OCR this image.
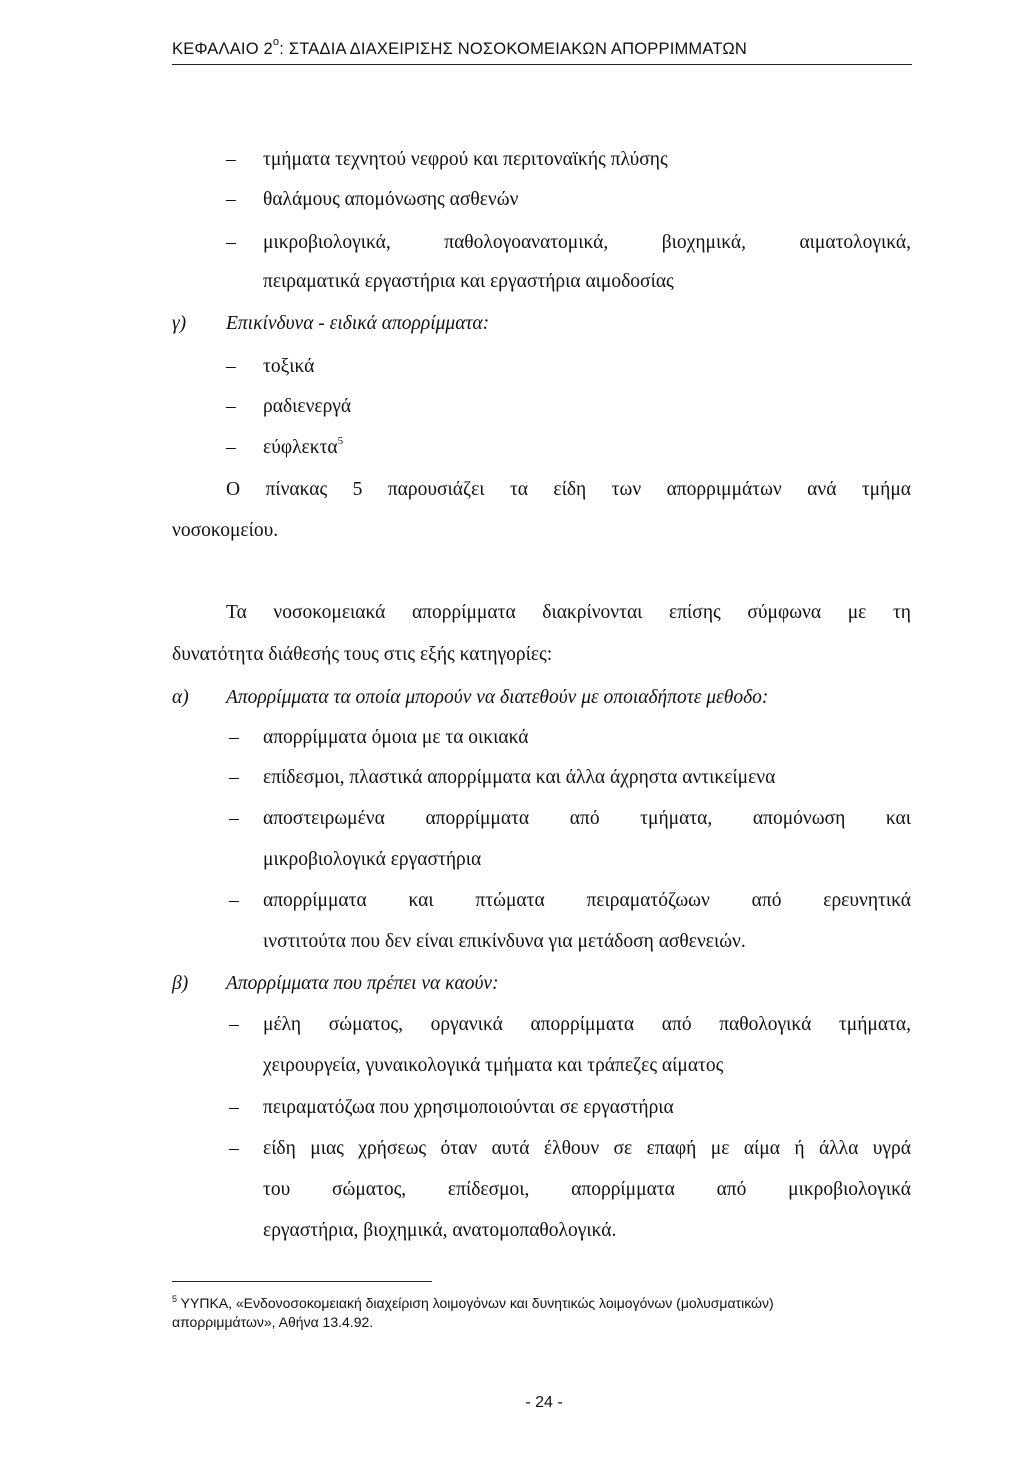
ΚΕΦΑΛΑΙΟ $2^o$: ΣΤΑΔΙΑ ΔΙΑΧΕΙΡΙΣΗΣ ΝΟΣΟΚΟΜΕΙΑΚΩΝ ΑΠΟΡΡΙΜΜΑΤΩΝ
– τμήματα τεχνητού νεφρού και περιτοναϊκής πλύσης
– θαλάμους απομόνωσης ασθενών
– μικροβιολογικά, παθολογοανατομικά, βιοχημικά, αιματολογικά,
πειραματικά εργαστήρια και εργαστήρια αιμοδοσίας
γ) Επικίνδυνα - ειδικά απορρίμματα:
– τοξικά
– ραδιενεργά
– εύφλεκτα$^5$
Ο πίνακας 5 παρουσιάζει τα είδη των απορριμμάτων ανά τμήμα
νοσοκομείου.
Τα νοσοκομειακά απορρίμματα διακρίνονται επίσης σύμφωνα με τη
δυνατότητα διάθεσής τους στις εξής κατηγορίες:
α) Απορρίμματα τα οποία μπορούν να διατεθούν με οποιαδήποτε μεθοδο:
– απορρίμματα όμοια με τα οικιακά
– επίδεσμοι, πλαστικά απορρίμματα και άλλα άχρηστα αντικείμενα
– αποστειρωμένα απορρίμματα από τμήματα, απομόνωση και
μικροβιολογικά εργαστήρια
– απορρίμματα και πτώματα πειραματόζωων από ερευνητικά
ινστιτούτα που δεν είναι επικίνδυνα για μετάδοση ασθενειών.
β) Απορρίμματα που πρέπει να καούν:
– μέλη σώματος, οργανικά απορρίμματα από παθολογικά τμήματα,
χειρουργεία, γυναικολογικά τμήματα και τράπεζες αίματος
– πειραματόζωα που χρησιμοποιούνται σε εργαστήρια
– είδη μιας χρήσεως όταν αυτά έλθουν σε επαφή με αίμα ή άλλα υγρά
του σώματος, επίδεσμοι, απορρίμματα από μικροβιολογικά
εργαστήρια, βιοχημικά, ανατομοπαθολογικά.
$^5$ ΥΥΠΚΑ, «Ενδονοσοκομειακή διαχείριση λοιμογόνων και δυνητικώς λοιμογόνων (μολυσματικών)
απορριμμάτων», Αθήνα 13.4.92.
- 24 -
